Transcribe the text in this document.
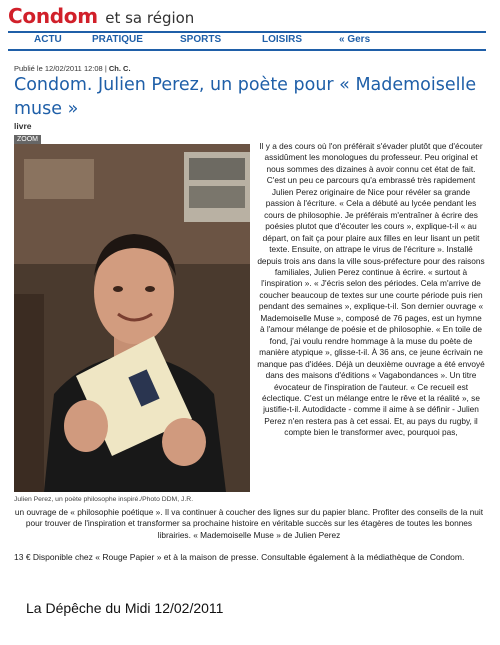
Condom et sa région
ACTU	PRATIQUE	SPORTS	LOISIRS	« Gers
Publié le 12/02/2011 12:08 | Ch. C.
Condom. Julien Perez, un poète pour « Mademoiselle muse »
livre
ZOOM
Julien Perez, un poète philosophe inspiré./Photo DDM, J.R.

Il y a des cours où l'on préférait s'évader plutôt que d'écouter assidûment les monologues du professeur. Peu original et nous sommes des dizaines à avoir connu cet état de fait. C'est un peu ce parcours qu'a embrassé très rapidement Julien Perez originaire de Nice pour révéler sa grande passion à l'écriture. « Cela a débuté au lycée pendant les cours de philosophie. Je préférais m'entraîner à écrire des poésies plutot que d'écouter les cours », explique-t-il « au départ, on fait ça pour plaire aux filles en leur lisant un petit texte. Ensuite, on attrape le virus de l'écriture ». Installé depuis trois ans dans la ville sous-préfecture pour des raisons familiales, Julien Perez continue à écrire. « surtout à l'inspiration ». « J'écris selon des périodes. Cela m'arrive de coucher beaucoup de textes sur une courte période puis rien pendant des semaines », explique-t-il. Son dernier ouvrage « Mademoiselle Muse », composé de 76 pages, est un hymne à l'amour mélange de poésie et de philosophie. « En toile de fond, j'ai voulu rendre hommage à la muse du poète de manière atypique », glisse-t-il. À 36 ans, ce jeune écrivain ne manque pas d'idées. Déjà un deuxième ouvrage a été envoyé dans des maisons d'éditions « Vagabondances ». Un titre évocateur de l'inspiration de l'auteur. « Ce recueil est éclectique. C'est un mélange entre le rêve et la réalité », se justifie-t-il. Autodidacte - comme il aime à se définir - Julien Perez n'en restera pas à cet essai. Et, au pays du rugby, il compte bien le transformer avec, pourquoi pas,

un ouvrage de « philosophie poétique ». Il va continuer à coucher des lignes sur du papier blanc. Profiter des conseils de la nuit pour trouver de l'inspiration et transformer sa prochaine histoire en véritable succès sur les étagères de toutes les bonnes librairies. « Mademoiselle Muse » de Julien Perez

13 € Disponible chez « Rouge Papier » et à la maison de presse. Consultable également à la médiathèque de Condom.

La Dépêche du Midi 12/02/2011
